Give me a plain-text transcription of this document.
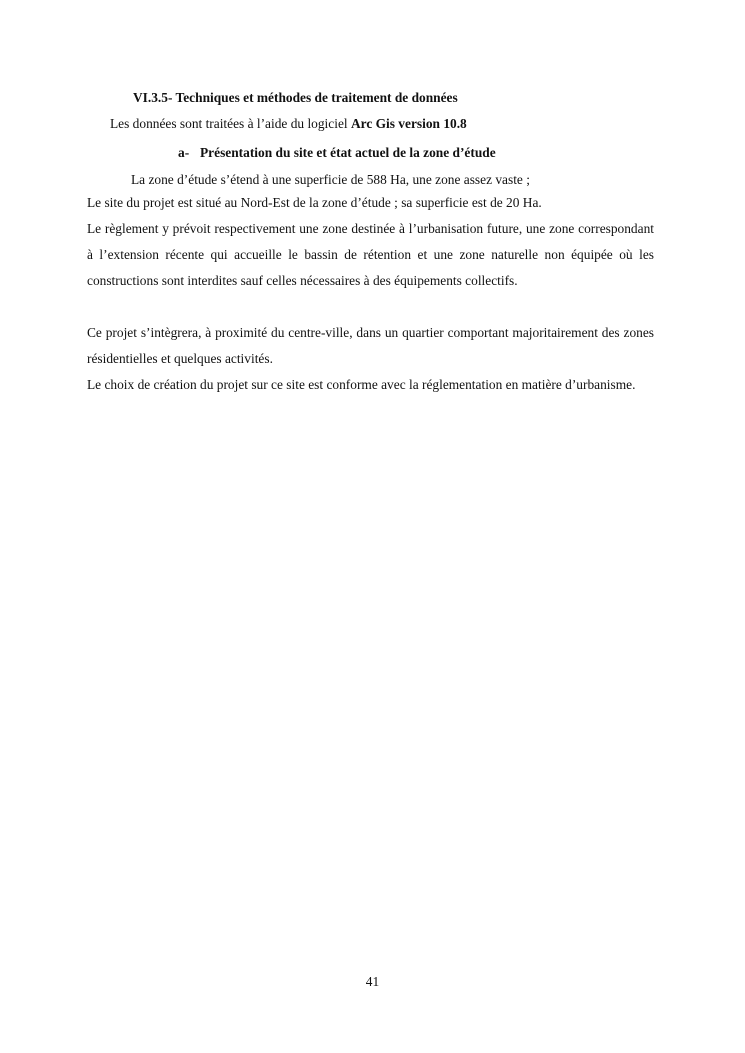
VI.3.5- Techniques et méthodes de traitement de données
Les données sont traitées à l’aide du logiciel Arc Gis version 10.8
a- Présentation du site et état actuel de la zone d’étude
La zone d’étude s’étend à une superficie de 588 Ha, une zone assez vaste ;
Le site du projet est situé au Nord-Est de la zone d’étude ; sa superficie est de 20 Ha.
Le règlement y prévoit respectivement une zone destinée à l’urbanisation future, une zone correspondant à l’extension récente qui accueille le bassin de rétention et une zone naturelle non équipée où les constructions sont interdites sauf celles nécessaires à des équipements collectifs.
Ce projet s’intègrera, à proximité du centre-ville, dans un quartier comportant majoritairement des zones résidentielles et quelques activités.
Le choix de création du projet sur ce site est conforme avec la réglementation en matière d’urbanisme.
41
